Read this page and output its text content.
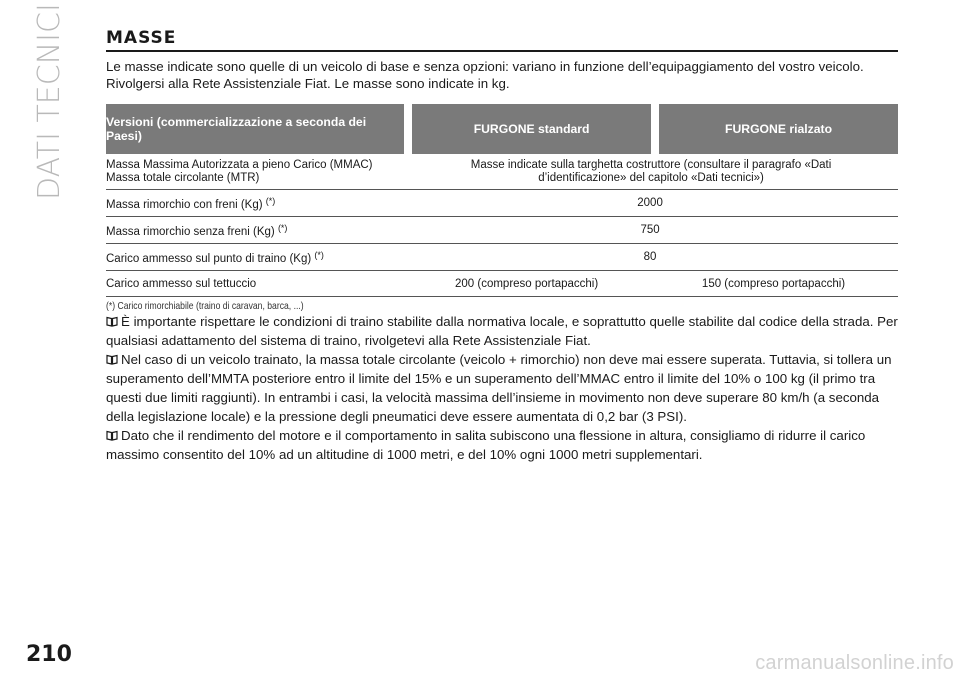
DATI TECNICI MASSE

Le masse indicate sono quelle di un veicolo di base e senza opzioni: variano in funzione dell’equipaggiamento del vostro veicolo. Rivolgersi alla Rete Assistenziale Fiat. Le masse sono indicate in kg.

Versioni (commercializzazione a seconda dei Paesi)		FURGONE standard		FURGONE rialzato

Massa Massima Autorizzata a pieno Carico (MMAC)
Massa totale circolante (MTR)	Masse indicate sulla targhetta costruttore (consultare il paragrafo «Dati d’identificazione» del capitolo «Dati tecnici»)			
Massa rimorchio con freni (Kg) (*)	2000			
Massa rimorchio senza freni (Kg) (*)	750			
Carico ammesso sul punto di traino (Kg) (*)	80			
Carico ammesso sul tettuccio	200 (compreso portapacchi)		150 (compreso portapacchi)	
(*) Carico rimorchiabile (traino di caravan, barca, ...)

È importante rispettare le condizioni di traino stabilite dalla normativa locale, e soprattutto quelle stabilite dal codice della strada. Per qualsiasi adattamento del sistema di traino, rivolgetevi alla Rete Assistenziale Fiat.

Nel caso di un veicolo trainato, la massa totale circolante (veicolo + rimorchio) non deve mai essere superata. Tuttavia, si tollera un superamento dell’MMTA posteriore entro il limite del 15% e un superamento dell’MMAC entro il limite del 10% o 100 kg (il primo tra questi due limiti raggiunti). In entrambi i casi, la velocità massima dell’insieme in movimento non deve superare 80 km/h (a seconda della legislazione locale) e la pressione degli pneumatici deve essere aumentata di 0,2 bar (3 PSI).

Dato che il rendimento del motore e il comportamento in salita subiscono una flessione in altura, consigliamo di ridurre il carico massimo consentito del 10% ad un altitudine di 1000 metri, e del 10% ogni 1000 metri supplementari.

210	carmanualsonline.info
